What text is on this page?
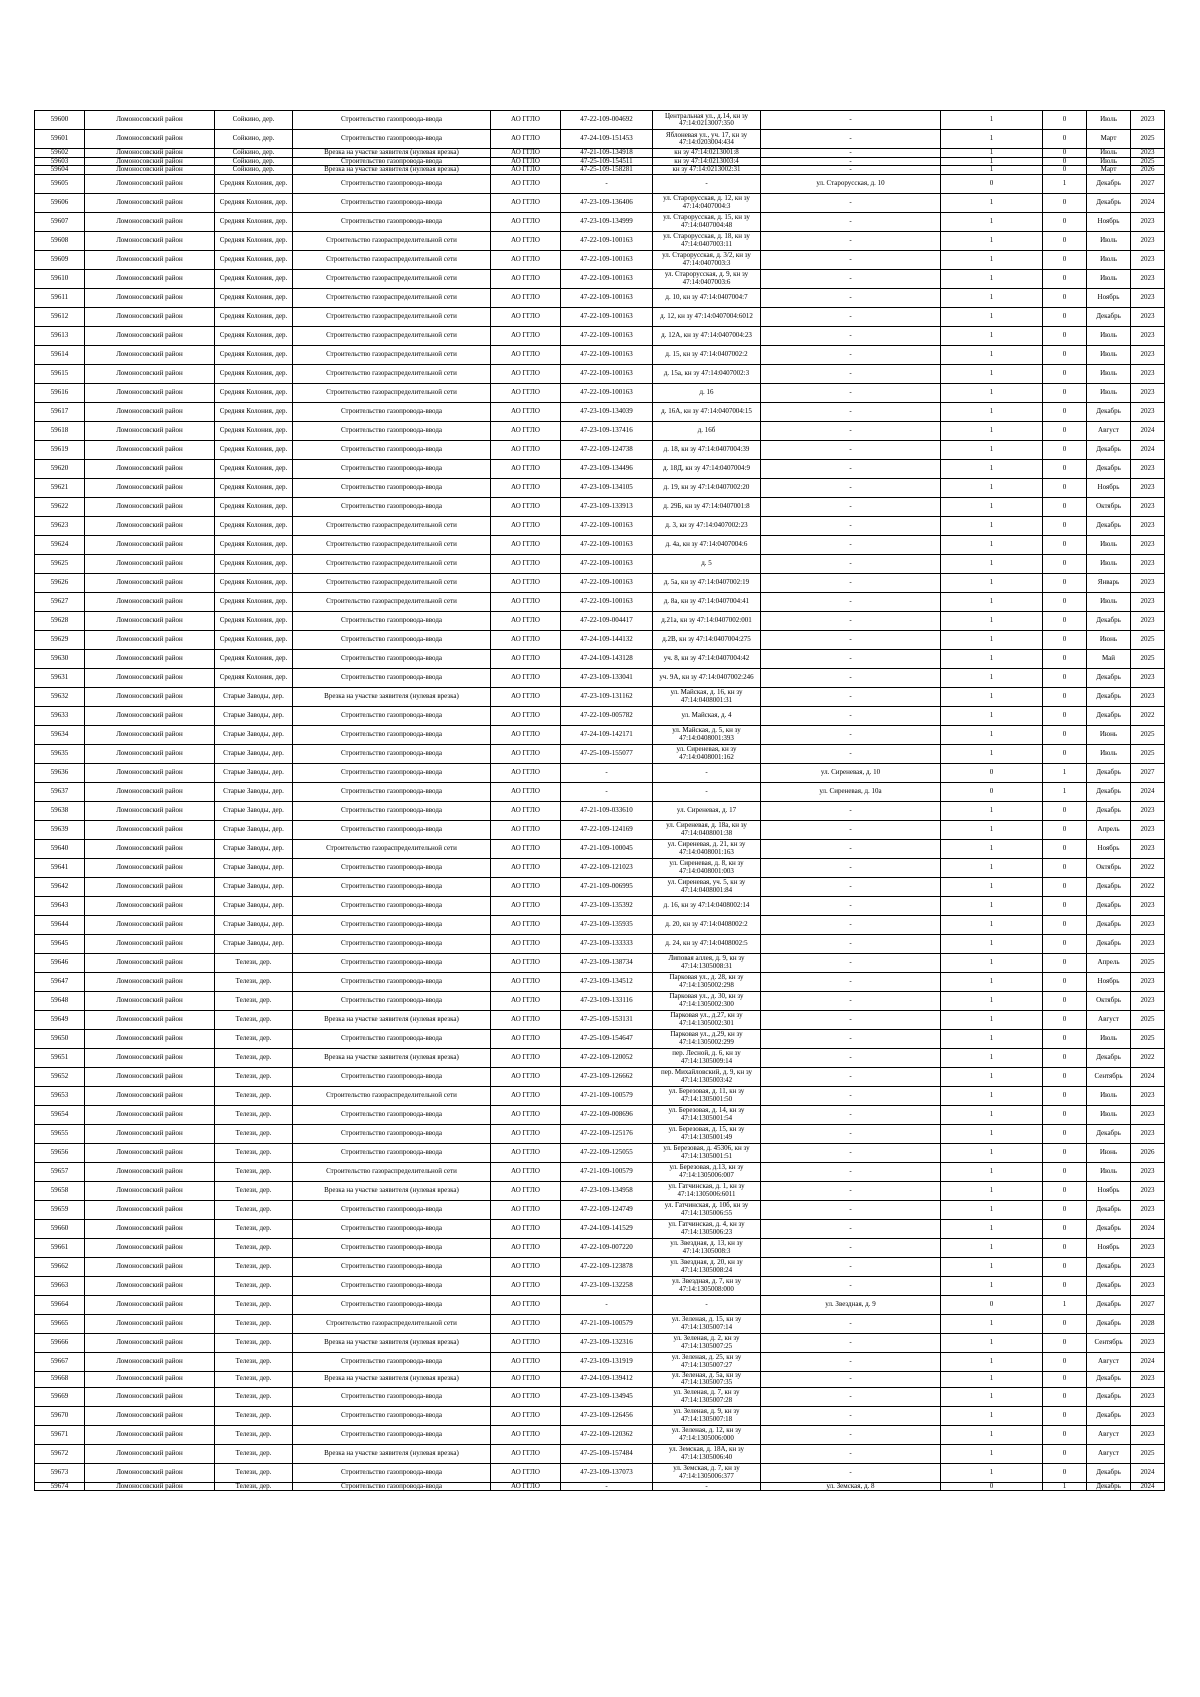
59600	Ломоносовский район	Сойкино, дер.	Строительство газопровода-ввода	АО ГГЛО	47-22-109-004692	Центральная ул., д.14, кн зу 47:14:0213007:350	-	1	0	Июль	2023
59601	Ломоносовский район	Сойкино, дер.	Строительство газопровода-ввода	АО ГГЛО	47-24-109-151453	Яблоневая ул., уч. 17, кн зу 47:14:0203004:434	-	1	0	Март	2025
59602	Ломоносовский район	Сойкино, дер.	Врезка на участке заявителя (нулевая врезка)	АО ГГЛО	47-21-109-134918	кн зу 47:14:0213001:8	-	1	0	Июль	2023
59603	Ломоносовский район	Сойкино, дер.	Строительство газопровода-ввода	АО ГГЛО	47-25-109-154511	кн зу 47:14:0213003:4	-	1	0	Июль	2025
59604	Ломоносовский район	Сойкино, дер.	Врезка на участке заявителя (нулевая врезка)	АО ГГЛО	47-25-109-158281	кн зу 47:14:0213002:31	-	1	0	Март	2026
59605	Ломоносовский район	Средняя Колония, дер.	Строительство газопровода-ввода	АО ГГЛО	-	-	ул. Старорусская, д. 10	0	1	Декабрь	2027
59606	Ломоносовский район	Средняя Колония, дер.	Строительство газопровода-ввода	АО ГГЛО	47-23-109-136406	ул. Старорусская, д. 12, кн зу 47:14:0407004:3	-	1	0	Декабрь	2024
59607	Ломоносовский район	Средняя Колония, дер.	Строительство газопровода-ввода	АО ГГЛО	47-23-109-134999	ул. Старорусская, д. 15, кн зу 47:14:0407004:48	-	1	0	Ноябрь	2023
59608	Ломоносовский район	Средняя Колония, дер.	Строительство газораспределительной сети	АО ГГЛО	47-22-109-100163	ул. Старорусская, д. 18, кн зу 47:14:0407003:11	-	1	0	Июль	2023
59609	Ломоносовский район	Средняя Колония, дер.	Строительство газораспределительной сети	АО ГГЛО	47-22-109-100163	ул. Старорусская, д. 3/2, кн зу 47:14:0407003:3	-	1	0	Июль	2023
59610	Ломоносовский район	Средняя Колония, дер.	Строительство газораспределительной сети	АО ГГЛО	47-22-109-100163	ул. Старорусская, д. 9, кн зу 47:14:0407003:6	-	1	0	Июль	2023
59611	Ломоносовский район	Средняя Колония, дер.	Строительство газораспределительной сети	АО ГГЛО	47-22-109-100163	д. 10, кн зу 47:14:0407004:7	-	1	0	Ноябрь	2023
59612	Ломоносовский район	Средняя Колония, дер.	Строительство газораспределительной сети	АО ГГЛО	47-22-109-100163	д. 12, кн зу 47:14:0407004:6012	-	1	0	Декабрь	2023
59613	Ломоносовский район	Средняя Колония, дер.	Строительство газораспределительной сети	АО ГГЛО	47-22-109-100163	д. 12А, кн зу 47:14:0407004:23	-	1	0	Июль	2023
59614	Ломоносовский район	Средняя Колония, дер.	Строительство газораспределительной сети	АО ГГЛО	47-22-109-100163	д. 15, кн зу 47:14:0407002:2	-	1	0	Июль	2023
59615	Ломоносовский район	Средняя Колония, дер.	Строительство газораспределительной сети	АО ГГЛО	47-22-109-100163	д. 15а, кн зу 47:14:0407002:3	-	1	0	Июль	2023
59616	Ломоносовский район	Средняя Колония, дер.	Строительство газораспределительной сети	АО ГГЛО	47-22-109-100163	д. 16	-	1	0	Июль	2023
59617	Ломоносовский район	Средняя Колония, дер.	Строительство газопровода-ввода	АО ГГЛО	47-23-109-134039	д. 16А, кн зу 47:14:0407004:15	-	1	0	Декабрь	2023
59618	Ломоносовский район	Средняя Колония, дер.	Строительство газопровода-ввода	АО ГГЛО	47-23-109-137416	д. 16б	-	1	0	Август	2024
59619	Ломоносовский район	Средняя Колония, дер.	Строительство газопровода-ввода	АО ГГЛО	47-22-109-124738	д. 18, кн зу 47:14:0407004:39	-	1	0	Декабрь	2024
59620	Ломоносовский район	Средняя Колония, дер.	Строительство газопровода-ввода	АО ГГЛО	47-23-109-134496	д. 18Д, кн зу 47:14:0407004:9	-	1	0	Декабрь	2023
59621	Ломоносовский район	Средняя Колония, дер.	Строительство газопровода-ввода	АО ГГЛО	47-23-109-134105	д. 19, кн зу 47:14:0407002:20	-	1	0	Ноябрь	2023
59622	Ломоносовский район	Средняя Колония, дер.	Строительство газопровода-ввода	АО ГГЛО	47-23-109-133913	д. 29Б, кн зу 47:14:0407001:8	-	1	0	Октябрь	2023
59623	Ломоносовский район	Средняя Колония, дер.	Строительство газораспределительной сети	АО ГГЛО	47-22-109-100163	д. 3, кн зу 47:14:0407002:23	-	1	0	Декабрь	2023
59624	Ломоносовский район	Средняя Колония, дер.	Строительство газораспределительной сети	АО ГГЛО	47-22-109-100163	д. 4а, кн зу 47:14:0407004:6	-	1	0	Июль	2023
59625	Ломоносовский район	Средняя Колония, дер.	Строительство газораспределительной сети	АО ГГЛО	47-22-109-100163	д. 5	-	1	0	Июль	2023
59626	Ломоносовский район	Средняя Колония, дер.	Строительство газораспределительной сети	АО ГГЛО	47-22-109-100163	д. 5а, кн зу 47:14:0407002:19	-	1	0	Январь	2023
59627	Ломоносовский район	Средняя Колония, дер.	Строительство газораспределительной сети	АО ГГЛО	47-22-109-100163	д. 8а, кн зу 47:14:0407004:41	-	1	0	Июль	2023
59628	Ломоносовский район	Средняя Колония, дер.	Строительство газопровода-ввода	АО ГГЛО	47-22-109-004417	д.21а, кн зу 47:14:0407002:001	-	1	0	Декабрь	2023
59629	Ломоносовский район	Средняя Колония, дер.	Строительство газопровода-ввода	АО ГГЛО	47-24-109-144132	д.2В, кн зу 47:14:0407004:275	-	1	0	Июнь	2025
59630	Ломоносовский район	Средняя Колония, дер.	Строительство газопровода-ввода	АО ГГЛО	47-24-109-143128	уч. 8, кн зу 47:14:0407004:42	-	1	0	Май	2025
59631	Ломоносовский район	Средняя Колония, дер.	Строительство газопровода-ввода	АО ГГЛО	47-23-109-133041	уч. 9А, кн зу 47:14:0407002:246	-	1	0	Декабрь	2023
59632	Ломоносовский район	Старые Заводы, дер.	Врезка на участке заявителя (нулевая врезка)	АО ГГЛО	47-23-109-131162	ул. Майская, д. 16, кн зу 47:14:0408001:31	-	1	0	Декабрь	2023
59633	Ломоносовский район	Старые Заводы, дер.	Строительство газопровода-ввода	АО ГГЛО	47-22-109-005782	ул. Майская, д. 4	-	1	0	Декабрь	2022
59634	Ломоносовский район	Старые Заводы, дер.	Строительство газопровода-ввода	АО ГГЛО	47-24-109-142171	ул. Майская, д. 5, кн зу 47:14:0408001:393	-	1	0	Июнь	2025
59635	Ломоносовский район	Старые Заводы, дер.	Строительство газопровода-ввода	АО ГГЛО	47-25-109-155077	ул. Сиреневая, кн зу 47:14:0408001:162	-	1	0	Июль	2025
59636	Ломоносовский район	Старые Заводы, дер.	Строительство газопровода-ввода	АО ГГЛО	-	-	ул. Сиреневая, д. 10	0	1	Декабрь	2027
59637	Ломоносовский район	Старые Заводы, дер.	Строительство газопровода-ввода	АО ГГЛО	-	-	ул. Сиреневая, д. 10а	0	1	Декабрь	2024
59638	Ломоносовский район	Старые Заводы, дер.	Строительство газопровода-ввода	АО ГГЛО	47-21-109-033610	ул. Сиреневая, д. 17	-	1	0	Декабрь	2023
59639	Ломоносовский район	Старые Заводы, дер.	Строительство газопровода-ввода	АО ГГЛО	47-22-109-124169	ул. Сиреневая, д. 18а, кн зу 47:14:0408001:38	-	1	0	Апрель	2023
59640	Ломоносовский район	Старые Заводы, дер.	Строительство газораспределительной сети	АО ГГЛО	47-21-109-100045	ул. Сиреневая, д. 21, кн зу 47:14:0408001:163	-	1	0	Ноябрь	2023
59641	Ломоносовский район	Старые Заводы, дер.	Строительство газопровода-ввода	АО ГГЛО	47-22-109-121023	ул. Сиреневая, д. 8, кн зу 47:14:0408001:003	-	1	0	Октябрь	2022
59642	Ломоносовский район	Старые Заводы, дер.	Строительство газопровода-ввода	АО ГГЛО	47-21-109-006995	ул. Сиреневая, уч. 5, кн зу 47:14:0408001:84	-	1	0	Декабрь	2022
59643	Ломоносовский район	Старые Заводы, дер.	Строительство газопровода-ввода	АО ГГЛО	47-23-109-135392	д. 16, кн зу 47:14:0408002:14	-	1	0	Декабрь	2023
59644	Ломоносовский район	Старые Заводы, дер.	Строительство газопровода-ввода	АО ГГЛО	47-23-109-135935	д. 20, кн зу 47:14:0408002:2	-	1	0	Декабрь	2023
59645	Ломоносовский район	Старые Заводы, дер.	Строительство газопровода-ввода	АО ГГЛО	47-23-109-133333	д. 24, кн зу 47:14:0408002:5	-	1	0	Декабрь	2023
59646	Ломоносовский район	Телези, дер.	Строительство газопровода-ввода	АО ГГЛО	47-23-109-138734	Липовая аллея, д. 9, кн зу 47:14:1305008:31	-	1	0	Апрель	2025
59647	Ломоносовский район	Телези, дер.	Строительство газопровода-ввода	АО ГГЛО	47-23-109-134512	Парковая ул., д. 28, кн зу 47:14:1305002:298	-	1	0	Ноябрь	2023
59648	Ломоносовский район	Телези, дер.	Строительство газопровода-ввода	АО ГГЛО	47-23-109-133116	Парковая ул., д. 30, кн зу 47:14:1305002:300	-	1	0	Октябрь	2023
59649	Ломоносовский район	Телези, дер.	Врезка на участке заявителя (нулевая врезка)	АО ГГЛО	47-25-109-153131	Парковая ул., д.27, кн зу 47:14:1305002:301	-	1	0	Август	2025
59650	Ломоносовский район	Телези, дер.	Строительство газопровода-ввода	АО ГГЛО	47-25-109-154647	Парковая ул., д.29, кн зу 47:14:1305002:299	-	1	0	Июль	2025
59651	Ломоносовский район	Телези, дер.	Врезка на участке заявителя (нулевая врезка)	АО ГГЛО	47-22-109-120052	пер. Лесной, д. 6, кн зу 47:14:1305009:14	-	1	0	Декабрь	2022
59652	Ломоносовский район	Телези, дер.	Строительство газопровода-ввода	АО ГГЛО	47-23-109-126662	пер. Михайловский, д. 9, кн зу 47:14:1305003:42	-	1	0	Сентябрь	2024
59653	Ломоносовский район	Телези, дер.	Строительство газораспределительной сети	АО ГГЛО	47-21-109-100579	ул. Березовая, д. 11, кн зу 47:14:1305001:50	-	1	0	Июль	2023
59654	Ломоносовский район	Телези, дер.	Строительство газопровода-ввода	АО ГГЛО	47-22-109-008696	ул. Березовая, д. 14, кн зу 47:14:1305001:54	-	1	0	Июль	2023
59655	Ломоносовский район	Телези, дер.	Строительство газопровода-ввода	АО ГГЛО	47-22-109-125176	ул. Березовая, д. 15, кн зу 47:14:1305001:49	-	1	0	Декабрь	2023
59656	Ломоносовский район	Телези, дер.	Строительство газопровода-ввода	АО ГГЛО	47-22-109-125055	ул. Березовая, д. 45306, кн зу 47:14:1305001:51	-	1	0	Июнь	2026
59657	Ломоносовский район	Телези, дер.	Строительство газораспределительной сети	АО ГГЛО	47-21-109-100579	ул. Березовая, д.13, кн зу 47:14:1305006:007	-	1	0	Июль	2023
59658	Ломоносовский район	Телези, дер.	Врезка на участке заявителя (нулевая врезка)	АО ГГЛО	47-23-109-134958	ул. Гатчинская, д. 1, кн зу 47:14:1305006:6011	-	1	0	Ноябрь	2023
59659	Ломоносовский район	Телези, дер.	Строительство газопровода-ввода	АО ГГЛО	47-22-109-124749	ул. Гатчинская, д. 10б, кн зу 47:14:1305006:55	-	1	0	Декабрь	2023
59660	Ломоносовский район	Телези, дер.	Строительство газопровода-ввода	АО ГГЛО	47-24-109-141529	ул. Гатчинская, д. 4, кн зу 47:14:1305006:23	-	1	0	Декабрь	2024
59661	Ломоносовский район	Телези, дер.	Строительство газопровода-ввода	АО ГГЛО	47-22-109-007220	ул. Звездная, д. 13, кн зу 47:14:1305008:3	-	1	0	Ноябрь	2023
59662	Ломоносовский район	Телези, дер.	Строительство газопровода-ввода	АО ГГЛО	47-22-109-123878	ул. Звездная, д. 20, кн зу 47:14:1305008:24	-	1	0	Декабрь	2023
59663	Ломоносовский район	Телези, дер.	Строительство газопровода-ввода	АО ГГЛО	47-23-109-132258	ул. Звездная, д. 7, кн зу 47:14:1305008:000	-	1	0	Декабрь	2023
59664	Ломоносовский район	Телези, дер.	Строительство газопровода-ввода	АО ГГЛО	-	-	ул. Звездная, д. 9	0	1	Декабрь	2027
59665	Ломоносовский район	Телези, дер.	Строительство газораспределительной сети	АО ГГЛО	47-21-109-100579	ул. Зеленая, д. 15, кн зу 47:14:1305007:14	-	1	0	Декабрь	2028
59666	Ломоносовский район	Телези, дер.	Врезка на участке заявителя (нулевая врезка)	АО ГГЛО	47-23-109-132316	ул. Зеленая, д. 2, кн зу 47:14:1305007:25	-	1	0	Сентябрь	2023
59667	Ломоносовский район	Телези, дер.	Строительство газопровода-ввода	АО ГГЛО	47-23-109-131919	ул. Зеленая, д. 25, кн зу 47:14:1305007:27	-	1	0	Август	2024
59668	Ломоносовский район	Телези, дер.	Врезка на участке заявителя (нулевая врезка)	АО ГГЛО	47-24-109-139412	ул. Зеленая, д. 5а, кн зу 47:14:1305007:35	-	1	0	Декабрь	2023
59669	Ломоносовский район	Телези, дер.	Строительство газопровода-ввода	АО ГГЛО	47-23-109-134945	ул. Зеленая, д. 7, кн зу 47:14:1305007:28	-	1	0	Декабрь	2023
59670	Ломоносовский район	Телези, дер.	Строительство газопровода-ввода	АО ГГЛО	47-23-109-126456	ул. Зеленая, д. 9, кн зу 47:14:1305007:18	-	1	0	Декабрь	2023
59671	Ломоносовский район	Телези, дер.	Строительство газопровода-ввода	АО ГГЛО	47-22-109-120362	ул. Зеленая, д. 12, кн зу 47:14:1305006:000	-	1	0	Август	2023
59672	Ломоносовский район	Телези, дер.	Врезка на участке заявителя (нулевая врезка)	АО ГГЛО	47-25-109-157484	ул. Земская, д. 18А, кн зу 47:14:1305006:40	-	1	0	Август	2025
59673	Ломоносовский район	Телези, дер.	Строительство газопровода-ввода	АО ГГЛО	47-23-109-137073	ул. Земская, д. 7, кн зу 47:14:1305006:377	-	1	0	Декабрь	2024
59674	Ломоносовский район	Телези, дер.	Строительство газопровода-ввода	АО ГГЛО	-	-	ул. Земская, д. 8	0	1	Декабрь	2024
